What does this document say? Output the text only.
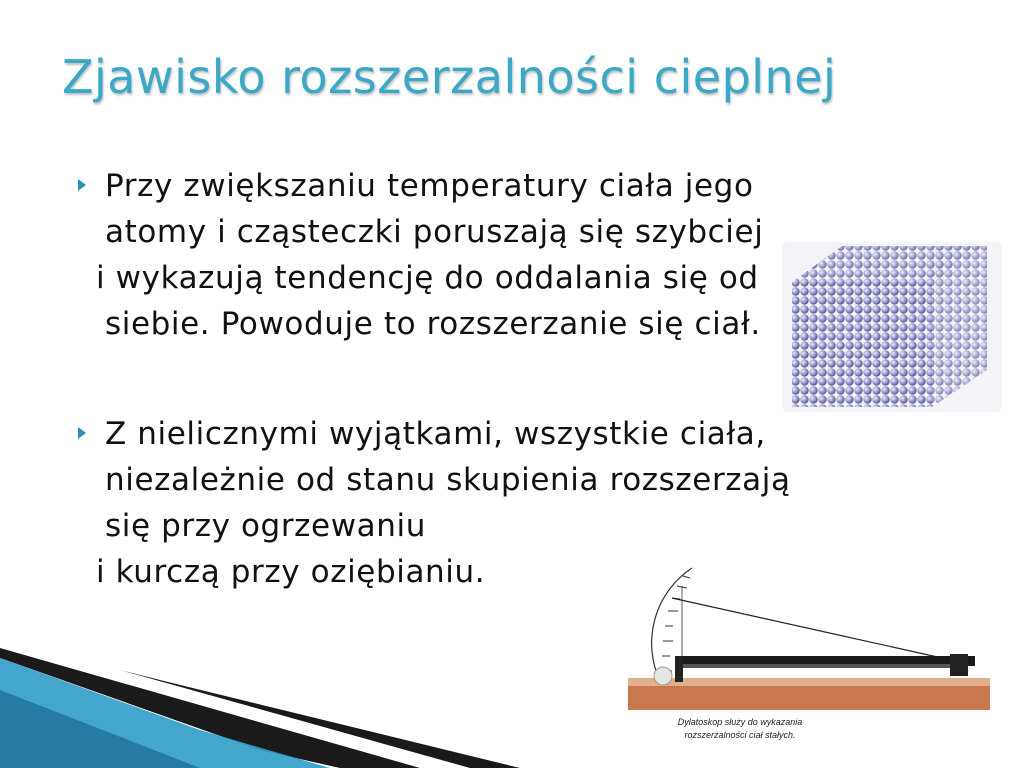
Zjawisko rozszerzalności cieplnej
Przy zwiększaniu temperatury ciała jego
atomy i cząsteczki poruszają się szybciej
i wykazują tendencję do oddalania się od
siebie. Powoduje to rozszerzanie się ciał.
Z nielicznymi wyjątkami, wszystkie ciała,
niezależnie od stanu skupienia rozszerzają
się przy ogrzewaniu
i kurczą przy oziębianiu.
Dylatoskop służy do wykazania
rozszerzalności ciał stałych.
